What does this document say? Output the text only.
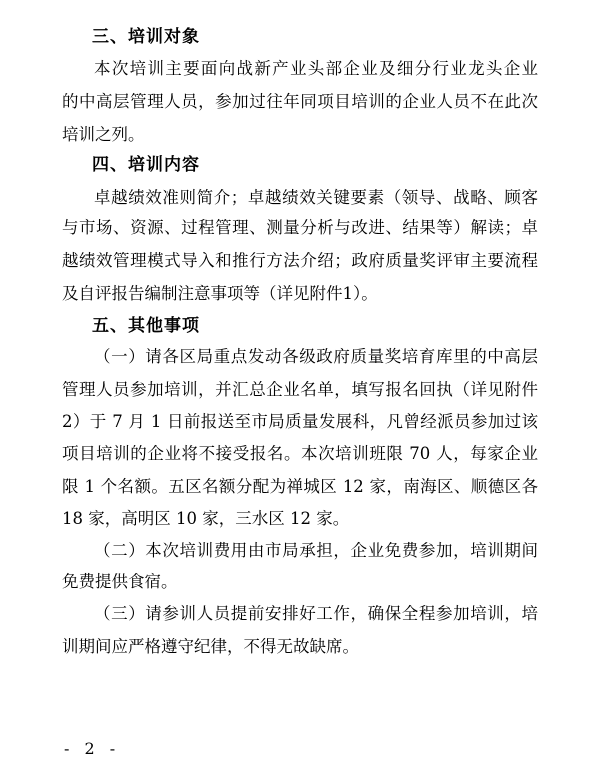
三、培训对象
本次培训主要面向战新产业头部企业及细分行业龙头企业
的中高层管理人员，参加过往年同项目培训的企业人员不在此次
培训之列。
四、培训内容
卓越绩效准则简介；卓越绩效关键要素（领导、战略、顾客
与市场、资源、过程管理、测量分析与改进、结果等）解读；卓
越绩效管理模式导入和推行方法介绍；政府质量奖评审主要流程
及自评报告编制注意事项等（详见附件1）。
五、其他事项
（一）请各区局重点发动各级政府质量奖培育库里的中高层
管理人员参加培训，并汇总企业名单，填写报名回执（详见附件
2）于 7 月 1 日前报送至市局质量发展科，凡曾经派员参加过该
项目培训的企业将不接受报名。本次培训班限 70 人，每家企业
限 1 个名额。五区名额分配为禅城区 12 家，南海区、顺德区各
18 家，高明区 10 家，三水区 12 家。
（二）本次培训费用由市局承担，企业免费参加，培训期间
免费提供食宿。
（三）请参训人员提前安排好工作，确保全程参加培训，培
训期间应严格遵守纪律，不得无故缺席。
- 2 -
